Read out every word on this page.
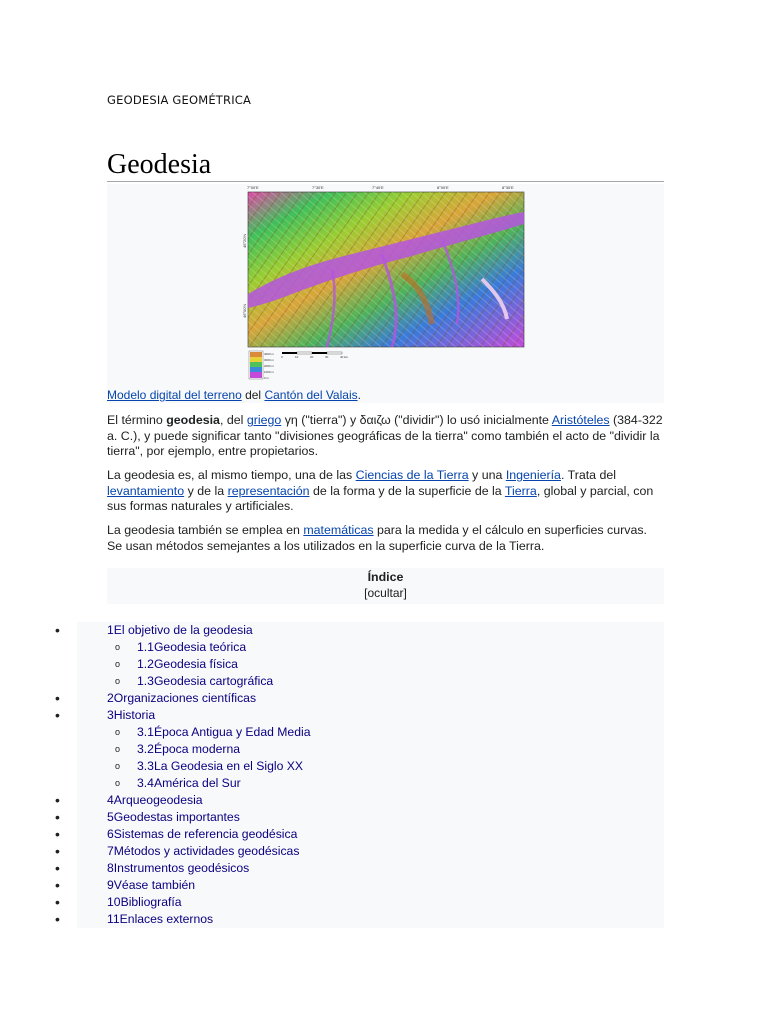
GEODESIA GEOMÉTRICA
Geodesia
7°00'E	7°30'E	7°40'E	8°00'E	8°30'E
46°20'N
46°00'N
4000 m
3000 m
2000 m
1000 m
0 m
0	10	20	30	40 km
Modelo digital del terreno del Cantón del Valais.
El término geodesia, del griego γη ("tierra") y δαιζω ("dividir") lo usó inicialmente Aristóteles (384-322 a. C.), y puede significar tanto "divisiones geográficas de la tierra" como también el acto de "dividir la tierra", por ejemplo, entre propietarios.
La geodesia es, al mismo tiempo, una de las Ciencias de la Tierra y una Ingeniería. Trata del levantamiento y de la representación de la forma y de la superficie de la Tierra, global y parcial, con sus formas naturales y artificiales.
La geodesia también se emplea en matemáticas para la medida y el cálculo en superficies curvas. Se usan métodos semejantes a los utilizados en la superficie curva de la Tierra.
Índice
[ocultar]
•	1El objetivo de la geodesia
o 1.1Geodesia teórica
o 1.2Geodesia física
o 1.3Geodesia cartográfica
•	2Organizaciones científicas
•	3Historia
o 3.1Época Antigua y Edad Media
o 3.2Época moderna
o 3.3La Geodesia en el Siglo XX
o 3.4América del Sur
•	4Arqueogeodesia
•	5Geodestas importantes
•	6Sistemas de referencia geodésica
•	7Métodos y actividades geodésicas
•	8Instrumentos geodésicos
•	9Véase también
•	10Bibliografía
•	11Enlaces externos
